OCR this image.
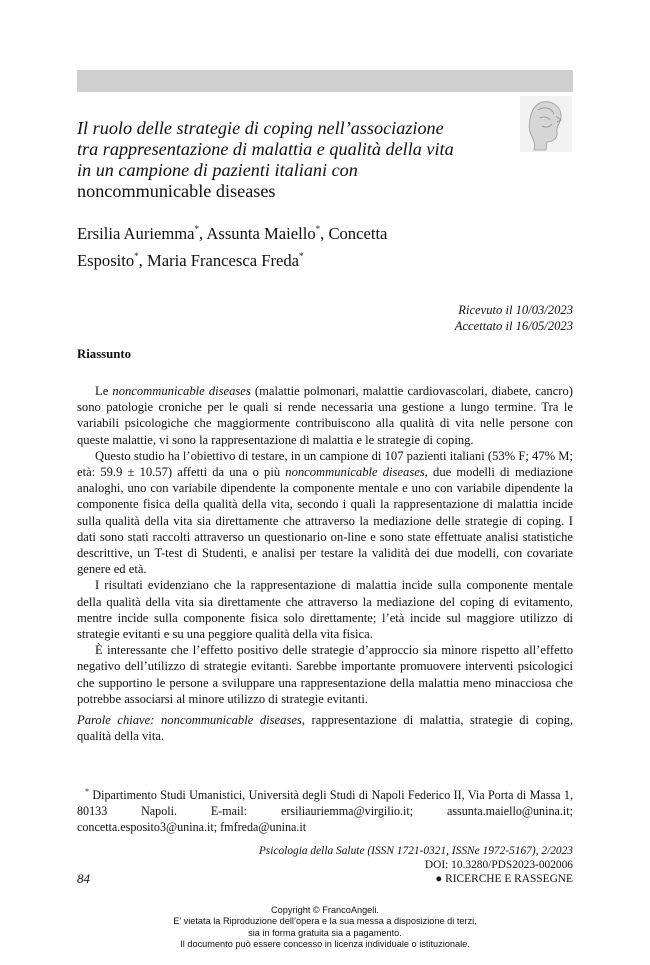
Il ruolo delle strategie di coping nell’associazione
tra rappresentazione di malattia e qualità della vita
in un campione di pazienti italiani con
noncommunicable diseases
Ersilia Auriemma*, Assunta Maiello*, Concetta
Esposito*, Maria Francesca Freda*
Ricevuto il 10/03/2023
Accettato il 16/05/2023
Riassunto

Le noncommunicable diseases (malattie polmonari, malattie cardiovascolari, diabete, cancro) sono patologie croniche per le quali si rende necessaria una gestione a lungo termine. Tra le variabili psicologiche che maggiormente contribuiscono alla qualità di vita nelle persone con queste malattie, vi sono la rappresentazione di malattia e le strategie di coping.

Questo studio ha l’obiettivo di testare, in un campione di 107 pazienti italiani (53% F; 47% M; età: 59.9 ± 10.57) affetti da una o più noncommunicable diseases, due modelli di mediazione analoghi, uno con variabile dipendente la componente mentale e uno con variabile dipendente la componente fisica della qualità della vita, secondo i quali la rappresentazione di malattia incide sulla qualità della vita sia direttamente che attraverso la mediazione delle strategie di coping. I dati sono stati raccolti attraverso un questionario on-line e sono state effettuate analisi statistiche descrittive, un T-test di Studenti, e analisi per testare la validità dei due modelli, con covariate genere ed età.

I risultati evidenziano che la rappresentazione di malattia incide sulla componente mentale della qualità della vita sia direttamente che attraverso la mediazione del coping di evitamento, mentre incide sulla componente fisica solo direttamente; l’età incide sul maggiore utilizzo di strategie evitanti e su una peggiore qualità della vita fisica.

È interessante che l’effetto positivo delle strategie d’approccio sia minore rispetto all’effetto negativo dell’utilizzo di strategie evitanti. Sarebbe importante promuovere interventi psicologici che supportino le persone a sviluppare una rappresentazione della malattia meno minacciosa che potrebbe associarsi al minore utilizzo di strategie evitanti.

Parole chiave: noncommunicable diseases, rappresentazione di malattia, strategie di coping, qualità della vita.

* Dipartimento Studi Umanistici, Università degli Studi di Napoli Federico II, Via Porta di Massa 1, 80133 Napoli. E-mail: ersiliauriemma@virgilio.it; assunta.maiello@unina.it; concetta.esposito3@unina.it; fmfreda@unina.it

Psicologia della Salute (ISSN 1721-0321, ISSNe 1972-5167), 2/2023
DOI: 10.3280/PDS2023-002006
84	● RICERCHE E RASSEGNE
Copyright © FrancoAngeli.
E’ vietata la Riproduzione dell’opera e la sua messa a disposizione di terzi,
sia in forma gratuita sia a pagamento.
Il documento può essere concesso in licenza individuale o istituzionale.
